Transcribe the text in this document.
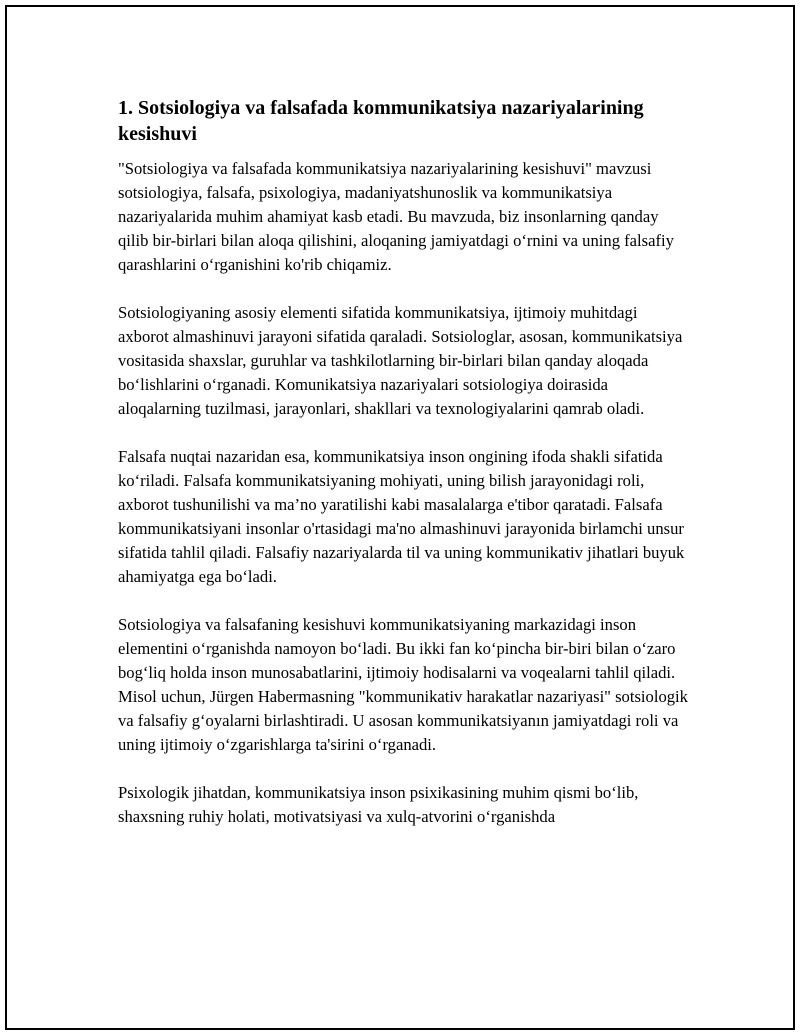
1. Sotsiologiya va falsafada kommunikatsiya nazariyalarining kesishuvi

"Sotsiologiya va falsafada kommunikatsiya nazariyalarining kesishuvi" mavzusi sotsiologiya, falsafa, psixologiya, madaniyatshunoslik va kommunikatsiya nazariyalarida muhim ahamiyat kasb etadi. Bu mavzuda, biz insonlarning qanday qilib bir-birlari bilan aloqa qilishini, aloqaning jamiyatdagi o‘rnini va uning falsafiy qarashlarini o‘rganishini ko'rib chiqamiz.

Sotsiologiyaning asosiy elementi sifatida kommunikatsiya, ijtimoiy muhitdagi axborot almashinuvi jarayoni sifatida qaraladi. Sotsiologlar, asosan, kommunikatsiya vositasida shaxslar, guruhlar va tashkilotlarning bir-birlari bilan qanday aloqada bo‘lishlarini o‘rganadi. Komunikatsiya nazariyalari sotsiologiya doirasida aloqalarning tuzilmasi, jarayonlari, shakllari va texnologiyalarini qamrab oladi.

Falsafa nuqtai nazaridan esa, kommunikatsiya inson ongining ifoda shakli sifatida ko‘riladi. Falsafa kommunikatsiyaning mohiyati, uning bilish jarayonidagi roli, axborot tushunilishi va ma’no yaratilishi kabi masalalarga e'tibor qaratadi. Falsafa kommunikatsiyani insonlar o'rtasidagi ma'no almashinuvi jarayonida birlamchi unsur sifatida tahlil qiladi. Falsafiy nazariyalarda til va uning kommunikativ jihatlari buyuk ahamiyatga ega bo‘ladi.

Sotsiologiya va falsafaning kesishuvi kommunikatsiyaning markazidagi inson elementini o‘rganishda namoyon bo‘ladi. Bu ikki fan ko‘pincha bir-biri bilan o‘zaro bog‘liq holda inson munosabatlarini, ijtimoiy hodisalarni va voqealarni tahlil qiladi. Misol uchun, Jürgen Habermasning "kommunikativ harakatlar nazariyasi" sotsiologik va falsafiy g‘oyalarni birlashtiradi. U asosan kommunikatsiyanın jamiyatdagi roli va uning ijtimoiy o‘zgarishlarga ta'sirini o‘rganadi.

Psixologik jihatdan, kommunikatsiya inson psixikasining muhim qismi bo‘lib, shaxsning ruhiy holati, motivatsiyasi va xulq-atvorini o‘rganishda
